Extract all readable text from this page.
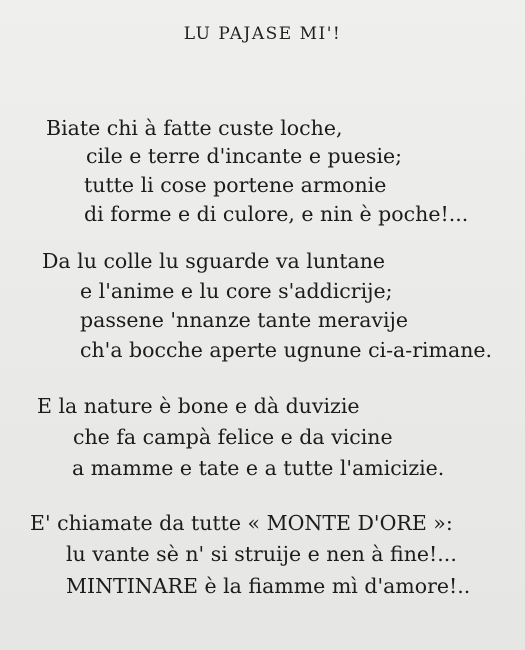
LU PAJASE MI'!
Biate chi à fatte custe loche,
cile e terre d'incante e puesie;
tutte li cose portene armonie
di forme e di culore, e nin è poche!...
Da lu colle lu sguarde va luntane
e l'anime e lu core s'addicrije;
passene 'nnanze tante meravije
ch'a bocche aperte ugnune ci-a-rimane.
E la nature è bone e dà duvizie
che fa campà felice e da vicine
a mamme e tate e a tutte l'amicizie.
E' chiamate da tutte « MONTE D'ORE »:
lu vante sè n' si struije e nen à fine!...
MINTINARE è la fiamme mì d'amore!..
